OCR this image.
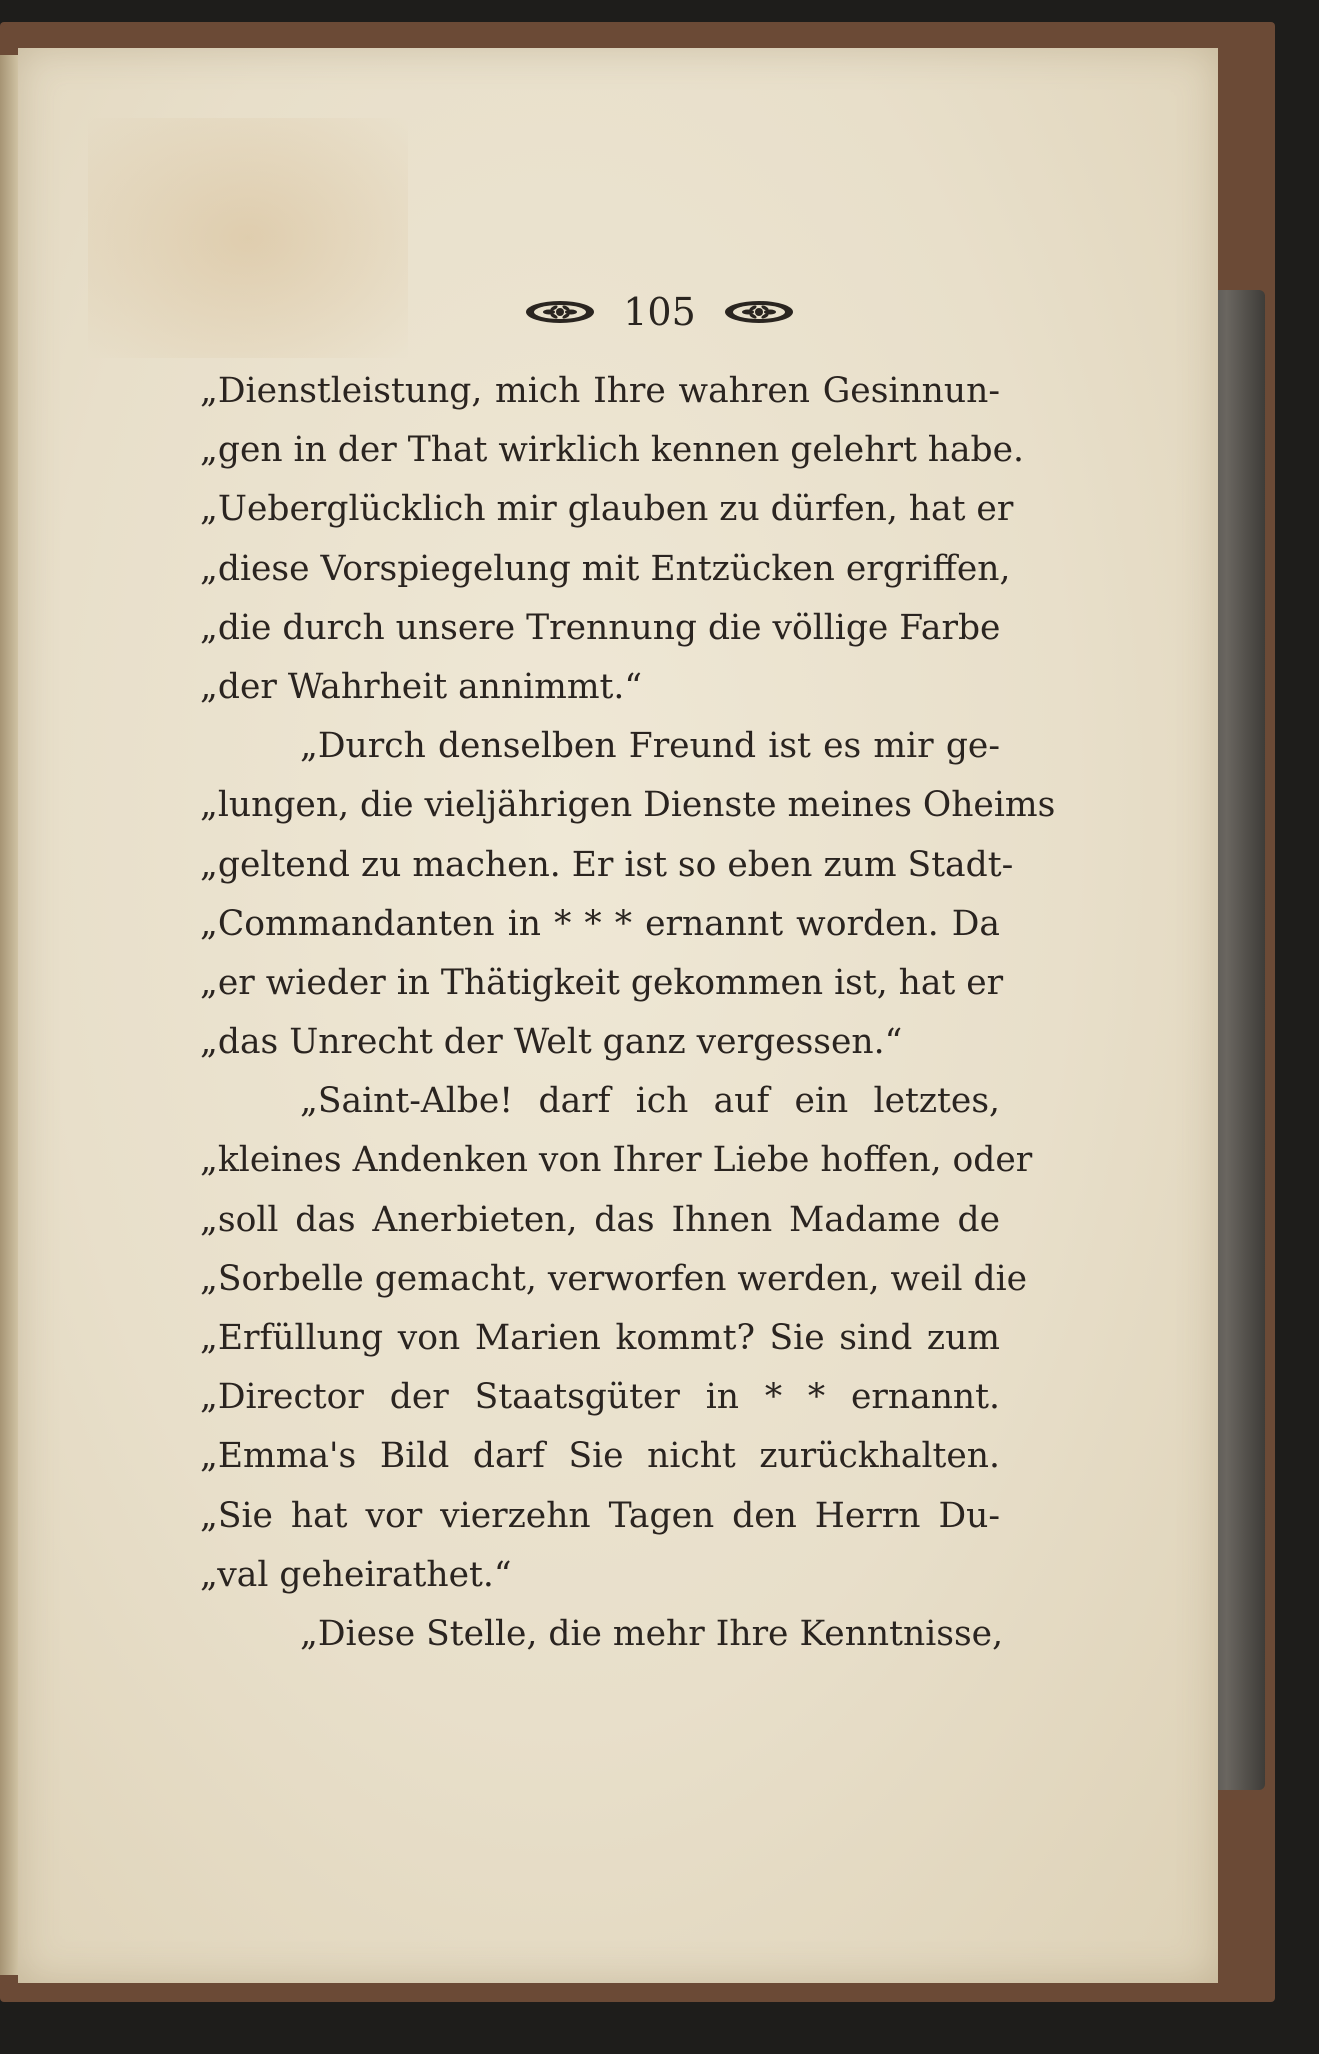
105
„Dienstleistung, mich Ihre wahren Gesinnun-
„gen in der That wirklich kennen gelehrt habe.
„Ueberglücklich mir glauben zu dürfen, hat er
„diese Vorspiegelung mit Entzücken ergriffen,
„die durch unsere Trennung die völlige Farbe
„der Wahrheit annimmt.“
„Durch denselben Freund ist es mir ge-
„lungen, die vieljährigen Dienste meines Oheims
„geltend zu machen. Er ist so eben zum Stadt-
„Commandanten in * * * ernannt worden. Da
„er wieder in Thätigkeit gekommen ist, hat er
„das Unrecht der Welt ganz vergessen.“
„Saint-Albe! darf ich auf ein letztes,
„kleines Andenken von Ihrer Liebe hoffen, oder
„soll das Anerbieten, das Ihnen Madame de
„Sorbelle gemacht, verworfen werden, weil die
„Erfüllung von Marien kommt? Sie sind zum
„Director der Staatsgüter in * * ernannt.
„Emma's Bild darf Sie nicht zurückhalten.
„Sie hat vor vierzehn Tagen den Herrn Du-
„val geheirathet.“
„Diese Stelle, die mehr Ihre Kenntnisse,
